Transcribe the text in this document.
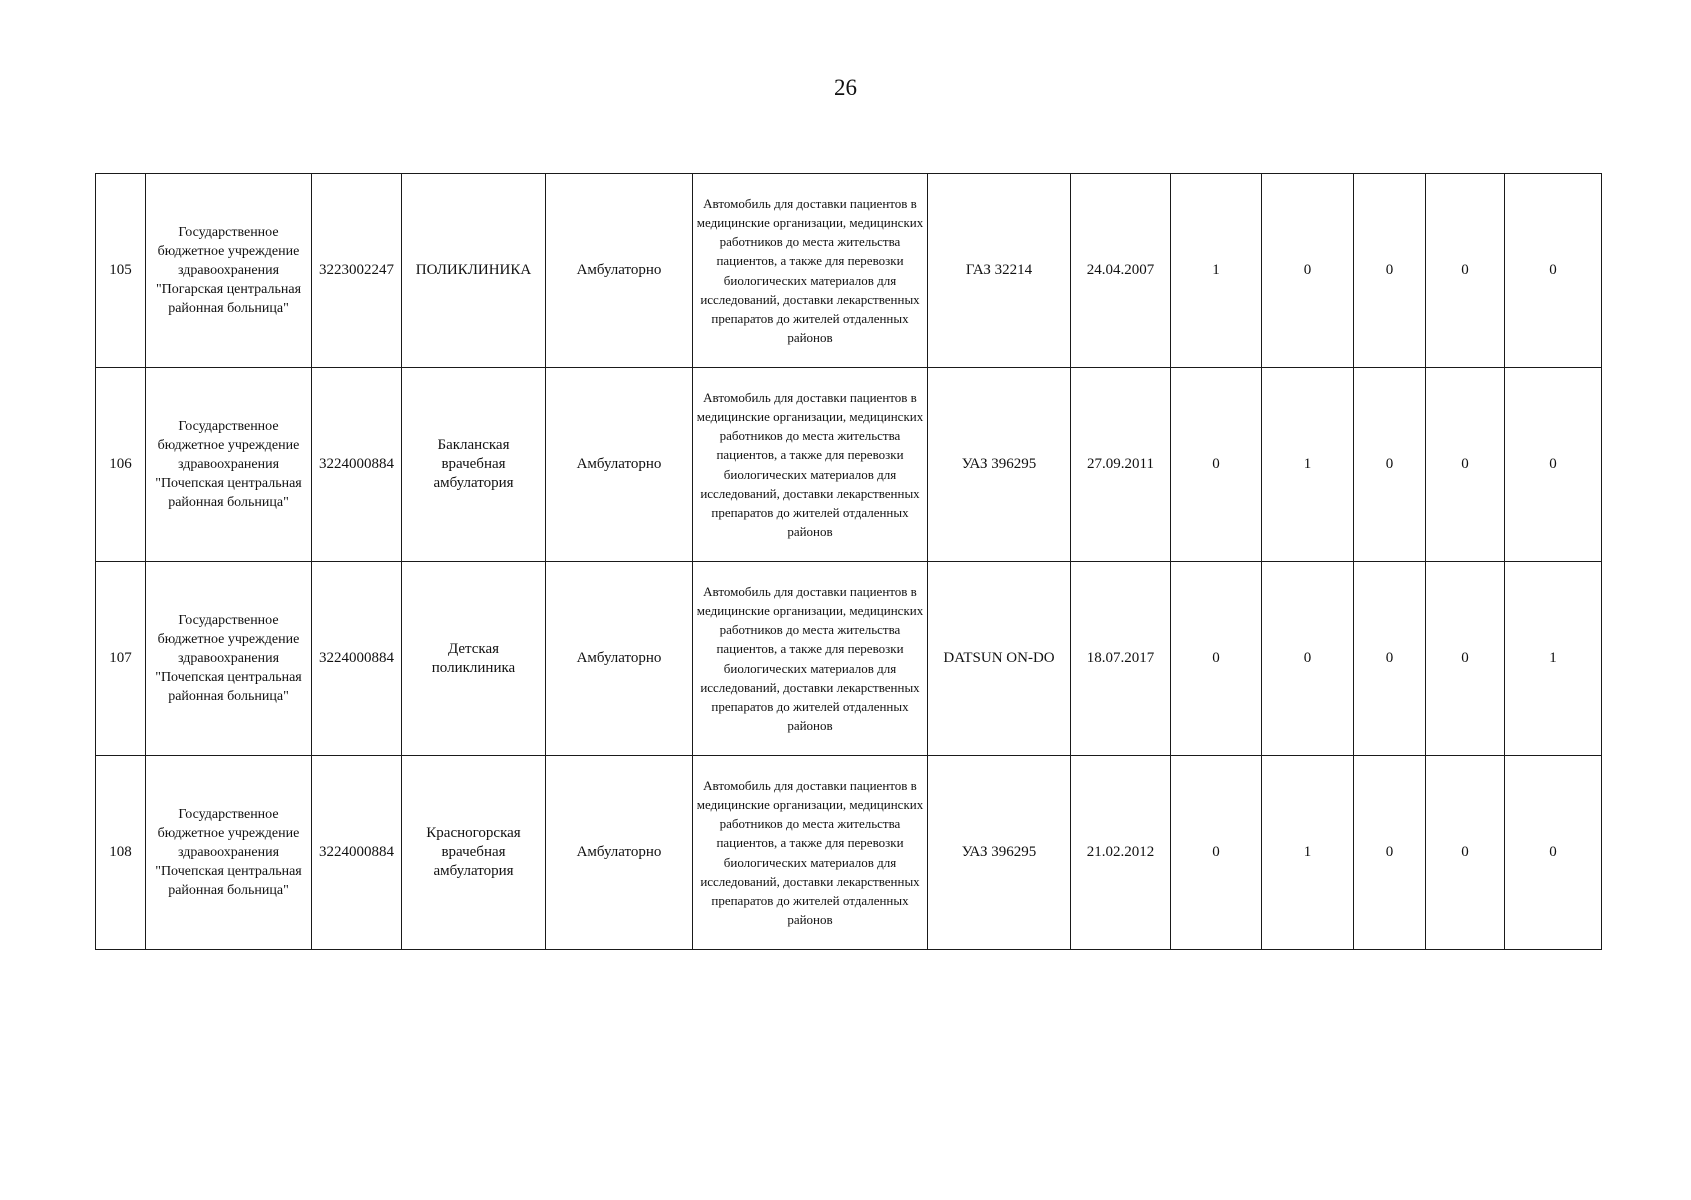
26
105	Государственное бюджетное учреждение здравоохранения "Погарская центральная районная больница"	3223002247	ПОЛИКЛИНИКА	Амбулаторно	Автомобиль для доставки пациентов в медицинские организации, медицинских работников до места жительства пациентов, а также для перевозки биологических материалов для исследований, доставки лекарственных препаратов до жителей отдаленных районов	ГАЗ 32214	24.04.2007	1	0	0	0	0
106	Государственное бюджетное учреждение здравоохранения "Почепская центральная районная больница"	3224000884	Бакланская врачебная амбулатория	Амбулаторно	Автомобиль для доставки пациентов в медицинские организации, медицинских работников до места жительства пациентов, а также для перевозки биологических материалов для исследований, доставки лекарственных препаратов до жителей отдаленных районов	УАЗ 396295	27.09.2011	0	1	0	0	0
107	Государственное бюджетное учреждение здравоохранения "Почепская центральная районная больница"	3224000884	Детская поликлиника	Амбулаторно	Автомобиль для доставки пациентов в медицинские организации, медицинских работников до места жительства пациентов, а также для перевозки биологических материалов для исследований, доставки лекарственных препаратов до жителей отдаленных районов	DATSUN ON-DO	18.07.2017	0	0	0	0	1
108	Государственное бюджетное учреждение здравоохранения "Почепская центральная районная больница"	3224000884	Красногорская врачебная амбулатория	Амбулаторно	Автомобиль для доставки пациентов в медицинские организации, медицинских работников до места жительства пациентов, а также для перевозки биологических материалов для исследований, доставки лекарственных препаратов до жителей отдаленных районов	УАЗ 396295	21.02.2012	0	1	0	0	0
